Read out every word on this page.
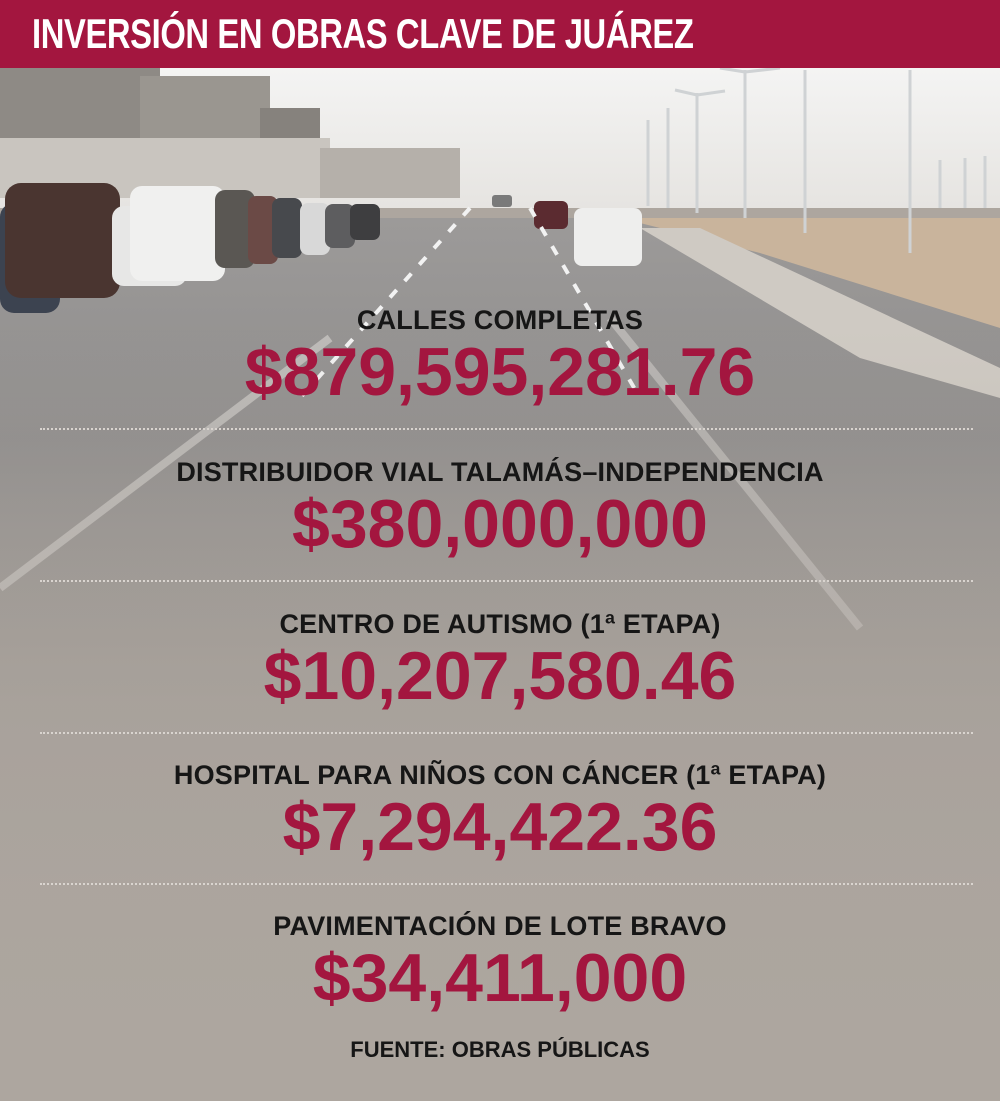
INVERSIÓN EN OBRAS CLAVE DE JUÁREZ
CALLES COMPLETAS
$879,595,281.76
DISTRIBUIDOR VIAL TALAMÁS–INDEPENDENCIA
$380,000,000
CENTRO DE AUTISMO (1ª ETAPA)
$10,207,580.46
HOSPITAL PARA NIÑOS CON CÁNCER (1ª ETAPA)
$7,294,422.36
PAVIMENTACIÓN DE LOTE BRAVO
$34,411,000
FUENTE: OBRAS PÚBLICAS
